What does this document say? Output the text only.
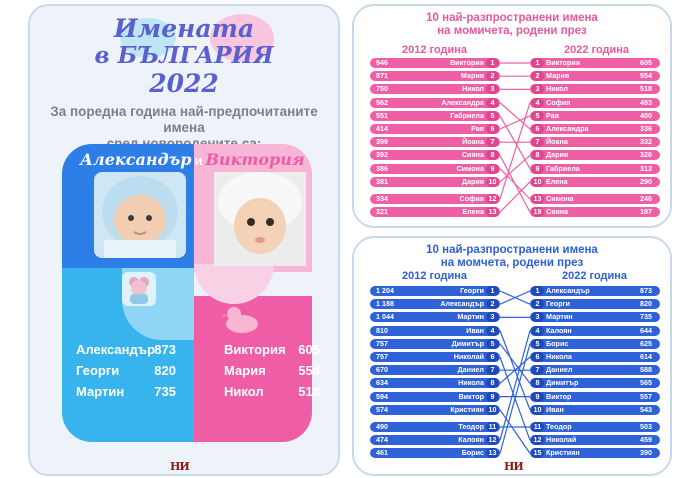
Имената
в БЪЛГАРИЯ
2022
За поредна година най-предпочитаните имена
Александър и Виктория
Александър 873
Георги	820
Мартин 735
Виктория 605
Мария	554
Никол	518
НИ
10 най-разпространени имена
на момичета, родени през
2012 година	2022 година
946	Виктория 1
871	Мария 2
750	Никол 3
562	Александра 4
551	Габриела 5
414	Рая 6
399	Йоана 7
392	Сияна 8
386	Симона 9
381	Дария 10
334	София 12
321	Елена 13
1 Виктория	605
2 Мария	554
3 Никол	518
4 София	493
5 Рая	400
6 Александра	336
7 Йоана	332
8 Дария	326
9 Габриела	313
10 Елена	290
13 Симона	246
19 Сияна	187
10 най-разпространени имена
на момчета, родени през
2012 година	2022 година
1 204	Георги 1
1 188	Александър 2
1 044	Мартин 3
810	Иван 4
757	Димитър 5
757	Николай 6
670	Даниел 7
634	Никола 8
594	Виктор 9
574	Кристиян 10
490	Теодор 11
474	Калоян 12
461	Борис 13
1 Александър	873
2 Георги	820
3 Мартин	735
4 Калоян	644
5 Борис	625
6 Никола	614
7 Даниел	588
8 Димитър	565
9 Виктор	557
10 Иван	543
11 Теодор	503
12 Николай	459
15 Кристиян	390
НИ
